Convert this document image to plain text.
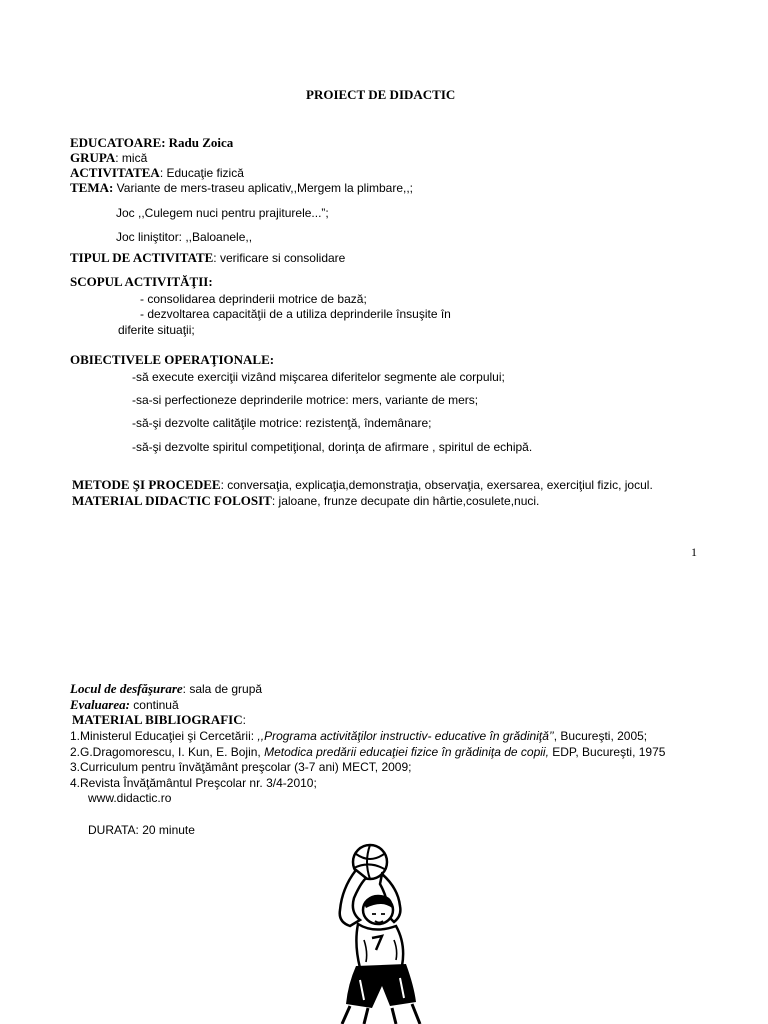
PROIECT DE DIDACTIC
EDUCATOARE: Radu Zoica
GRUPA: mică
ACTIVITATEA: Educaţie fizică
TEMA: Variante de mers-traseu aplicativ,,Mergem la plimbare,,;
Joc ,,Culegem nuci pentru prajiturele...”;
Joc liniştitor: ,,Baloanele,,
TIPUL DE ACTIVITATE: verificare si consolidare
SCOPUL ACTIVITĂŢII:
- consolidarea deprinderii motrice de bază;
- dezvoltarea capacităţii de a utiliza deprinderile însuşite în
diferite situaţii;
OBIECTIVELE OPERAŢIONALE:
-să execute exerciţii vizând mişcarea diferitelor segmente ale corpului;
-sa-si perfectioneze deprinderile motrice: mers, variante de mers;
-să-şi dezvolte calităţile motrice: rezistenţă, îndemânare;
-să-şi dezvolte spiritul competiţional, dorinţa de afirmare , spiritul de echipă.
METODE ŞI PROCEDEE: conversaţia, explicaţia,demonstraţia, observaţia, exersarea, exerciţiul fizic, jocul.
MATERIAL DIDACTIC FOLOSIT: jaloane, frunze decupate din hârtie,cosulete,nuci.
1
Locul de desfăşurare: sala de grupă
Evaluarea: continuă
MATERIAL BIBLIOGRAFIC:
1.Ministerul Educaţiei şi Cercetării: ,,Programa activităţilor instructiv- educative în grădiniţă’’, Bucureşti, 2005;
2.G.Dragomorescu, I. Kun, E. Bojin, Metodica predării educaţiei fizice în grădiniţa de copii, EDP, Bucureşti, 1975
3.Curriculum pentru învăţământ preşcolar (3-7 ani) MECT, 2009;
4.Revista Învăţământul Preşcolar nr. 3/4-2010;
www.didactic.ro
DURATA: 20 minute
